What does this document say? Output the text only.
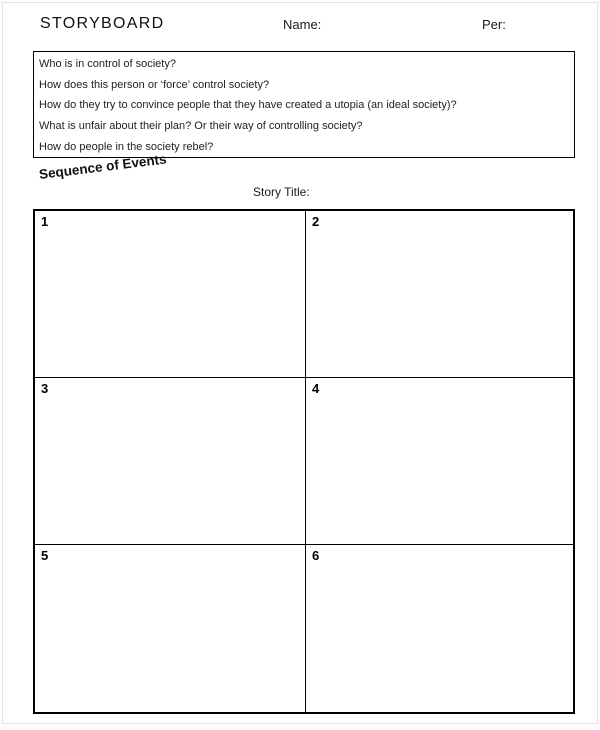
STORYBOARD	Name:	Per:
Who is in control of society?
How does this person or ‘force’ control society?
How do they try to convince people that they have created a utopia (an ideal society)?
What is unfair about their plan? Or their way of controlling society?
How do people in the society rebel?
Sequence of Events
Story Title:
1	2
3	4
5	6
